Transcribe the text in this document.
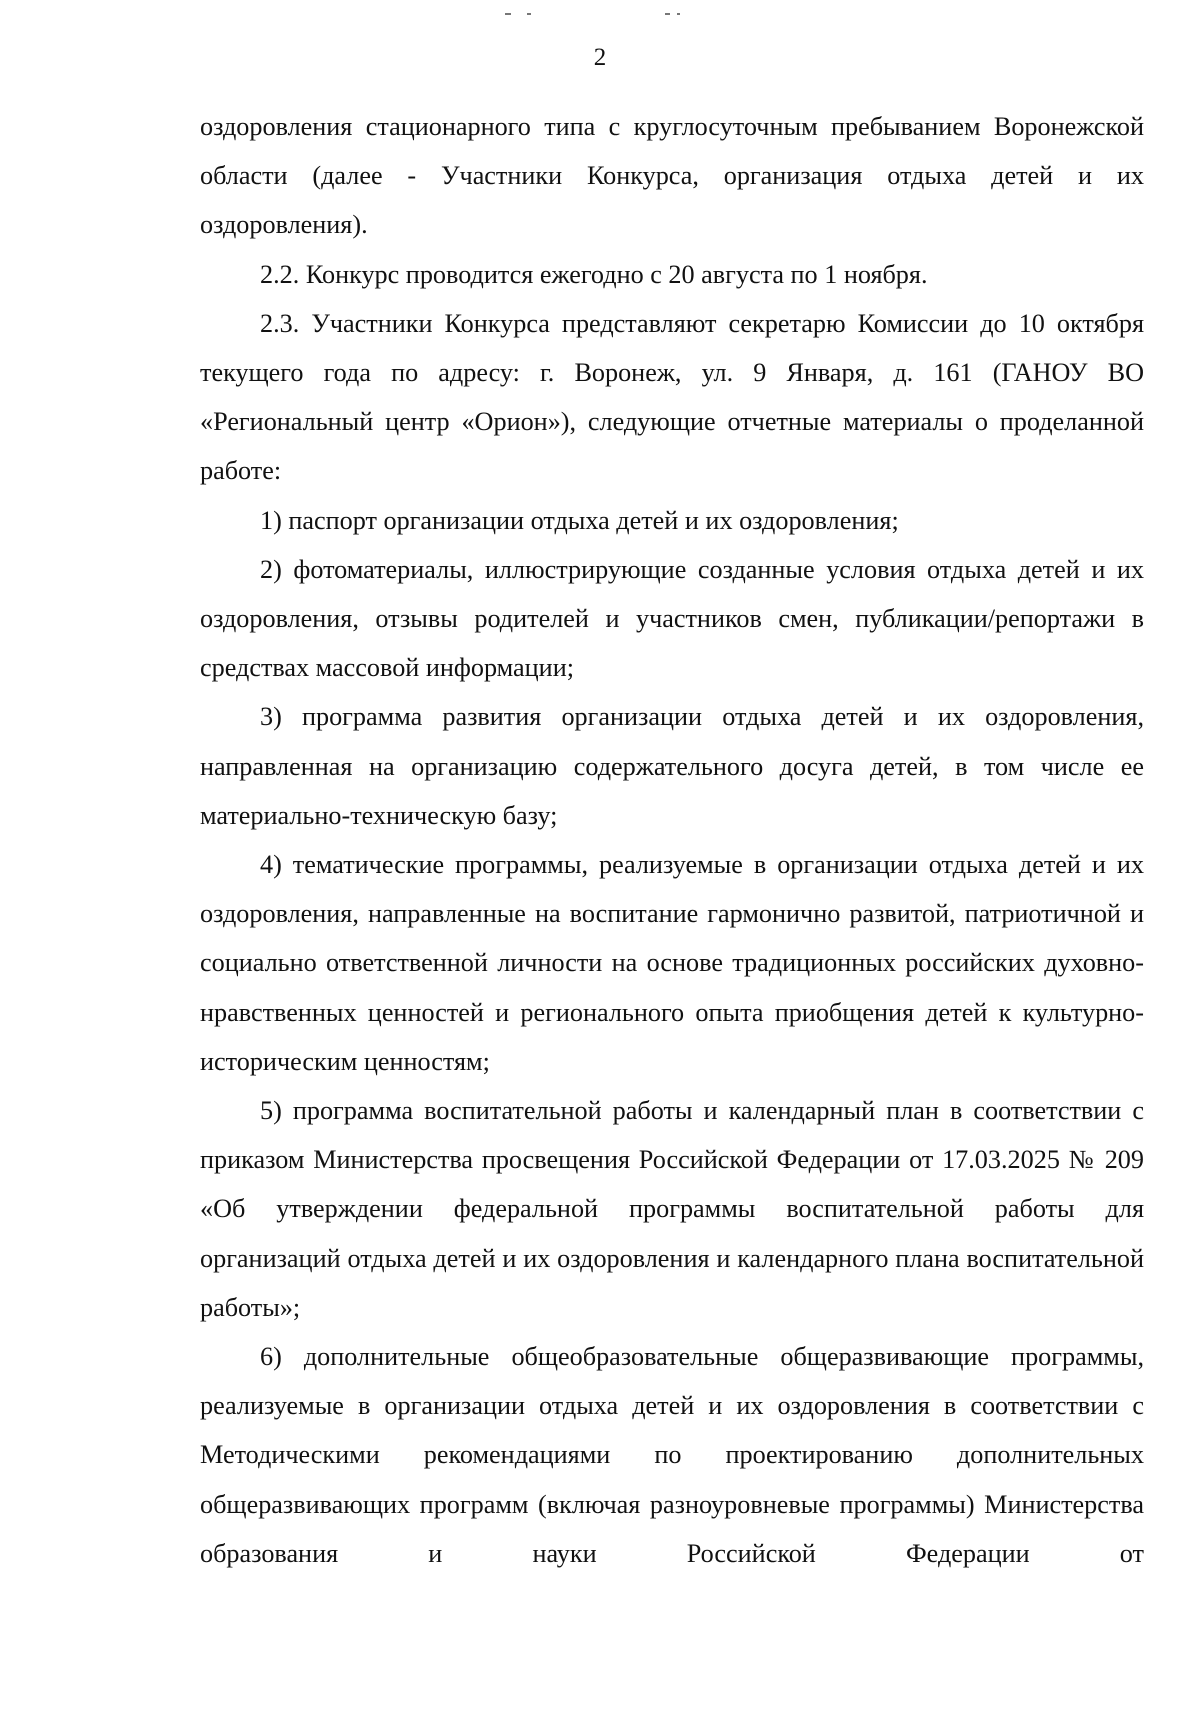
2

оздоровления стационарного типа с круглосуточным пребыванием Воронежской области (далее - Участники Конкурса, организация отдыха детей и их оздоровления).

2.2. Конкурс проводится ежегодно с 20 августа по 1 ноября.

2.3. Участники Конкурса представляют секретарю Комиссии до 10 октября текущего года по адресу: г. Воронеж, ул. 9 Января, д. 161 (ГАНОУ ВО «Региональный центр «Орион»), следующие отчетные материалы о проделанной работе:

1) паспорт организации отдыха детей и их оздоровления;

2) фотоматериалы, иллюстрирующие созданные условия отдыха детей и их оздоровления, отзывы родителей и участников смен, публикации/репортажи в средствах массовой информации;

3) программа развития организации отдыха детей и их оздоровления, направленная на организацию содержательного досуга детей, в том числе ее материально-техническую базу;

4) тематические программы, реализуемые в организации отдыха детей и их оздоровления, направленные на воспитание гармонично развитой, патриотичной и социально ответственной личности на основе традиционных российских духовно-нравственных ценностей и регионального опыта приобщения детей к культурно-историческим ценностям;

5) программа воспитательной работы и календарный план в соответствии с приказом Министерства просвещения Российской Федерации от 17.03.2025 № 209 «Об утверждении федеральной программы воспитательной работы для организаций отдыха детей и их оздоровления и календарного плана воспитательной работы»;

6) дополнительные общеобразовательные общеразвивающие программы, реализуемые в организации отдыха детей и их оздоровления в соответствии с Методическими рекомендациями по проектированию дополнительных общеразвивающих программ (включая разноуровневые программы) Министерства образования и науки Российской Федерации от
